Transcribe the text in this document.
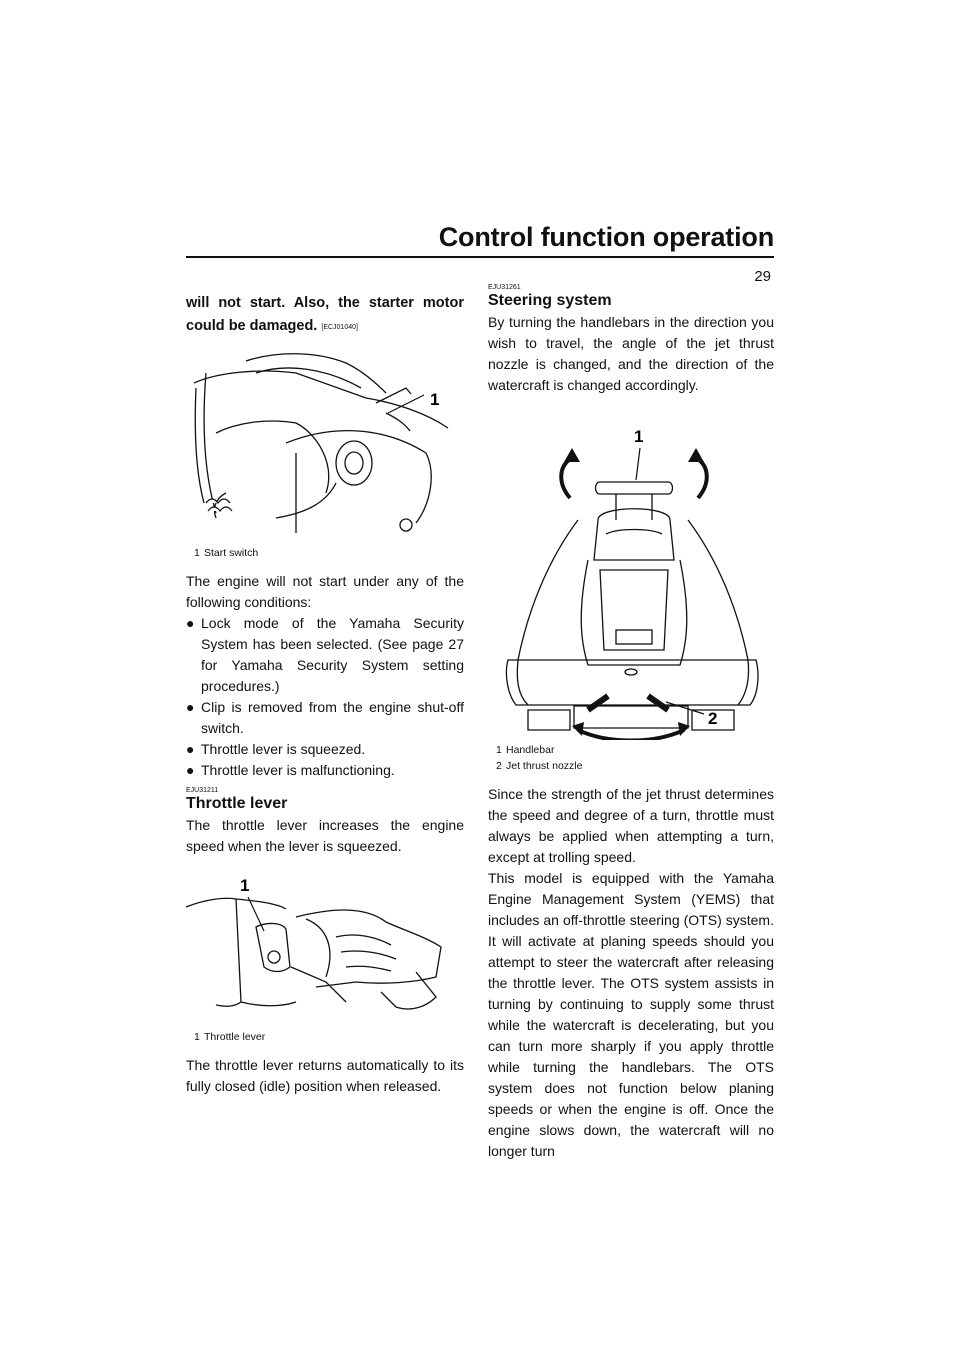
Control function operation
29

will not start. Also, the starter motor could be damaged. [ECJ01040]

1
1 Start switch

The engine will not start under any of the following conditions:

● Lock mode of the Yamaha Security System has been selected. (See page 27 for Yamaha Security System setting procedures.)
● Clip is removed from the engine shut-off switch.
● Throttle lever is squeezed.
● Throttle lever is malfunctioning.
EJU31211
Throttle lever

The throttle lever increases the engine speed when the lever is squeezed.

1
1 Throttle lever

The throttle lever returns automatically to its fully closed (idle) position when released.

EJU31261
Steering system

By turning the handlebars in the direction you wish to travel, the angle of the jet thrust nozzle is changed, and the direction of the watercraft is changed accordingly.

1
2
1 Handlebar
2 Jet thrust nozzle

Since the strength of the jet thrust determines the speed and degree of a turn, throttle must always be applied when attempting a turn, except at trolling speed.

This model is equipped with the Yamaha Engine Management System (YEMS) that includes an off-throttle steering (OTS) system. It will activate at planing speeds should you attempt to steer the watercraft after releasing the throttle lever. The OTS system assists in turning by continuing to supply some thrust while the watercraft is decelerating, but you can turn more sharply if you apply throttle while turning the handlebars. The OTS system does not function below planing speeds or when the engine is off. Once the engine slows down, the watercraft will no longer turn
